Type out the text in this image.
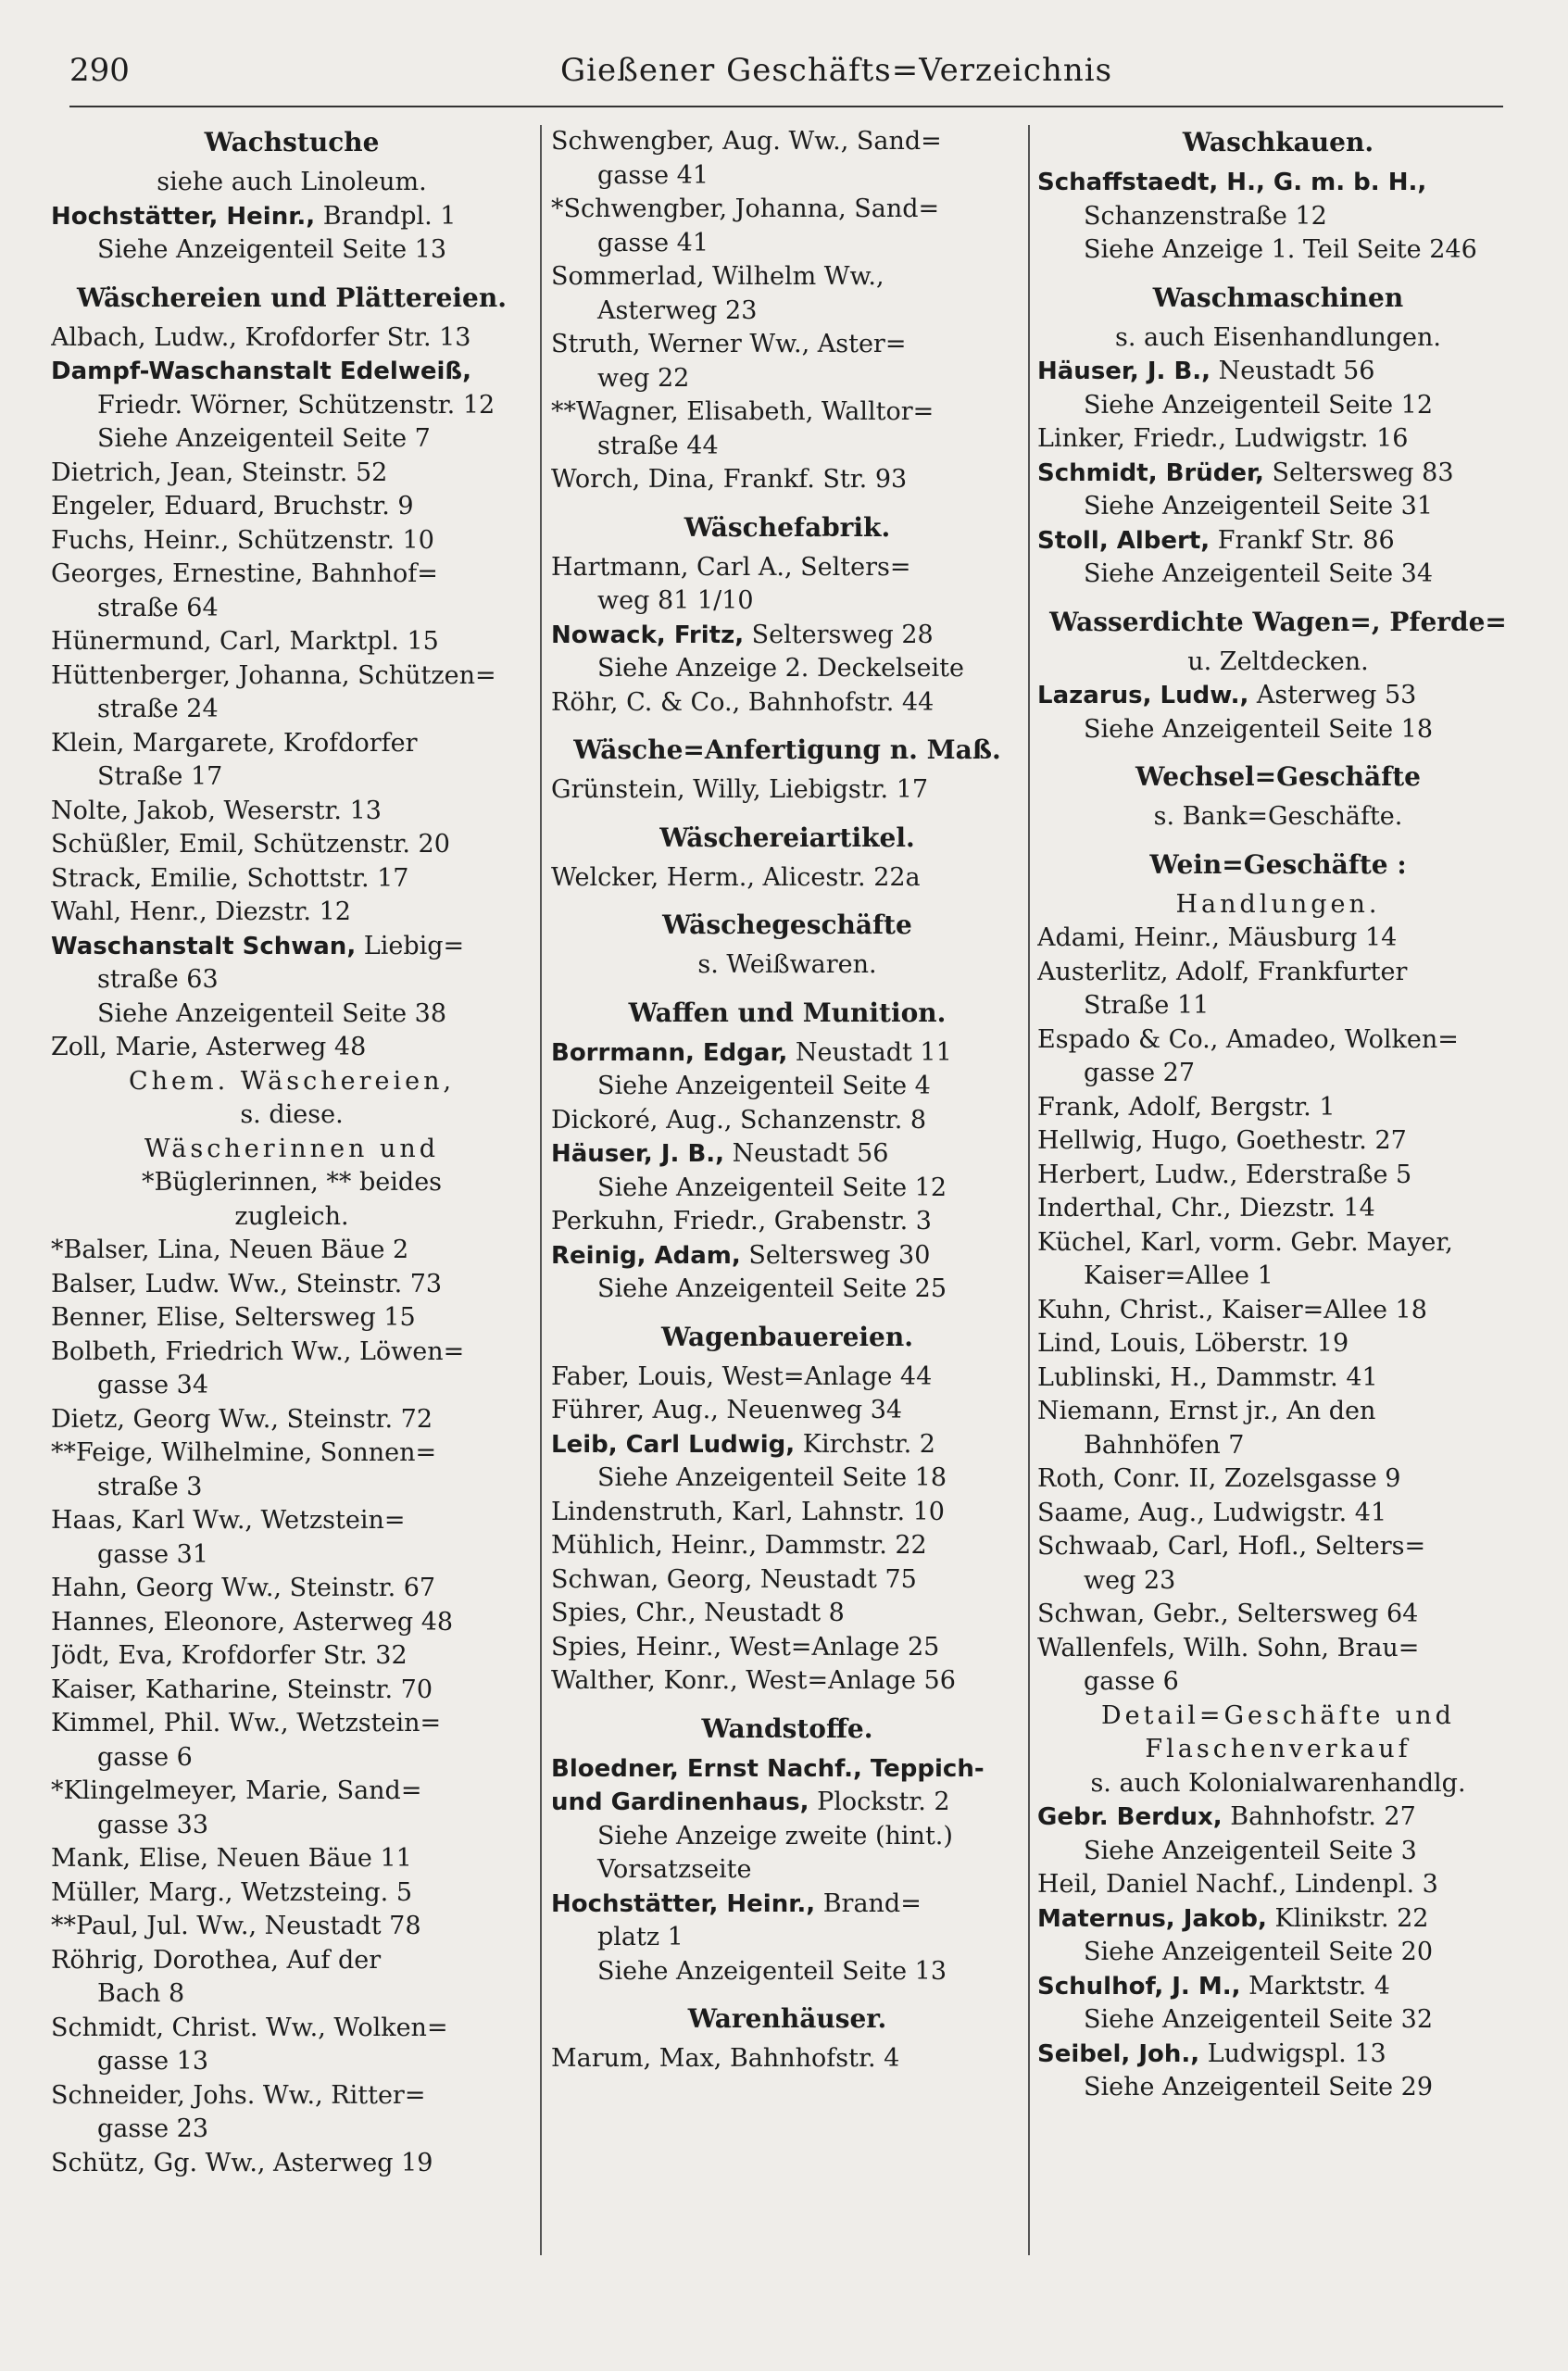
290	Gießener Geschäfts=Verzeichnis
Wachstuche
siehe auch Linoleum.
Hochstätter, Heinr., Brandpl. 1
Siehe Anzeigenteil Seite 13
Wäschereien und Plättereien.
Albach, Ludw., Krofdorfer Str. 13
Dampf-Waschanstalt Edelweiß,
Friedr. Wörner, Schützenstr. 12
Siehe Anzeigenteil Seite 7
Dietrich, Jean, Steinstr. 52
Engeler, Eduard, Bruchstr. 9
Fuchs, Heinr., Schützenstr. 10
Georges, Ernestine, Bahnhof=
straße 64
Hünermund, Carl, Marktpl. 15
Hüttenberger, Johanna, Schützen=
straße 24
Klein, Margarete, Krofdorfer
Straße 17
Nolte, Jakob, Weserstr. 13
Schüßler, Emil, Schützenstr. 20
Strack, Emilie, Schottstr. 17
Wahl, Henr., Diezstr. 12
Waschanstalt Schwan, Liebig=
straße 63
Siehe Anzeigenteil Seite 38
Zoll, Marie, Asterweg 48
Chem. Wäschereien,
s. diese.
Wäscherinnen und
*Büglerinnen, ** beides
zugleich.
*Balser, Lina, Neuen Bäue 2
Balser, Ludw. Ww., Steinstr. 73
Benner, Elise, Seltersweg 15
Bolbeth, Friedrich Ww., Löwen=
gasse 34
Dietz, Georg Ww., Steinstr. 72
**Feige, Wilhelmine, Sonnen=
straße 3
Haas, Karl Ww., Wetzstein=
gasse 31
Hahn, Georg Ww., Steinstr. 67
Hannes, Eleonore, Asterweg 48
Jödt, Eva, Krofdorfer Str. 32
Kaiser, Katharine, Steinstr. 70
Kimmel, Phil. Ww., Wetzstein=
gasse 6
*Klingelmeyer, Marie, Sand=
gasse 33
Mank, Elise, Neuen Bäue 11
Müller, Marg., Wetzsteing. 5
**Paul, Jul. Ww., Neustadt 78
Röhrig, Dorothea, Auf der
Bach 8
Schmidt, Christ. Ww., Wolken=
gasse 13
Schneider, Johs. Ww., Ritter=
gasse 23
Schütz, Gg. Ww., Asterweg 19
Schwengber, Aug. Ww., Sand=
gasse 41
*Schwengber, Johanna, Sand=
gasse 41
Sommerlad, Wilhelm Ww.,
Asterweg 23
Struth, Werner Ww., Aster=
weg 22
**Wagner, Elisabeth, Walltor=
straße 44
Worch, Dina, Frankf. Str. 93
Wäschefabrik.
Hartmann, Carl A., Selters=
weg 81 1/10
Nowack, Fritz, Seltersweg 28
Siehe Anzeige 2. Deckelseite
Röhr, C. & Co., Bahnhofstr. 44
Wäsche=Anfertigung n. Maß.
Grünstein, Willy, Liebigstr. 17
Wäschereiartikel.
Welcker, Herm., Alicestr. 22a
Wäschegeschäfte
s. Weißwaren.
Waffen und Munition.
Borrmann, Edgar, Neustadt 11
Siehe Anzeigenteil Seite 4
Dickoré, Aug., Schanzenstr. 8
Häuser, J. B., Neustadt 56
Siehe Anzeigenteil Seite 12
Perkuhn, Friedr., Grabenstr. 3
Reinig, Adam, Seltersweg 30
Siehe Anzeigenteil Seite 25
Wagenbauereien.
Faber, Louis, West=Anlage 44
Führer, Aug., Neuenweg 34
Leib, Carl Ludwig, Kirchstr. 2
Siehe Anzeigenteil Seite 18
Lindenstruth, Karl, Lahnstr. 10
Mühlich, Heinr., Dammstr. 22
Schwan, Georg, Neustadt 75
Spies, Chr., Neustadt 8
Spies, Heinr., West=Anlage 25
Walther, Konr., West=Anlage 56
Wandstoffe.
Bloedner, Ernst Nachf., Teppich-
und Gardinenhaus, Plockstr. 2
Siehe Anzeige zweite (hint.)
Vorsatzseite
Hochstätter, Heinr., Brand=
platz 1
Siehe Anzeigenteil Seite 13
Warenhäuser.
Marum, Max, Bahnhofstr. 4
Waschkauen.
Schaffstaedt, H., G. m. b. H.,
Schanzenstraße 12
Siehe Anzeige 1. Teil Seite 246
Waschmaschinen
s. auch Eisenhandlungen.
Häuser, J. B., Neustadt 56
Siehe Anzeigenteil Seite 12
Linker, Friedr., Ludwigstr. 16
Schmidt, Brüder, Seltersweg 83
Siehe Anzeigenteil Seite 31
Stoll, Albert, Frankf Str. 86
Siehe Anzeigenteil Seite 34
Wasserdichte Wagen=, Pferde=
u. Zeltdecken.
Lazarus, Ludw., Asterweg 53
Siehe Anzeigenteil Seite 18
Wechsel=Geschäfte
s. Bank=Geschäfte.
Wein=Geschäfte :
Handlungen.
Adami, Heinr., Mäusburg 14
Austerlitz, Adolf, Frankfurter
Straße 11
Espado & Co., Amadeo, Wolken=
gasse 27
Frank, Adolf, Bergstr. 1
Hellwig, Hugo, Goethestr. 27
Herbert, Ludw., Ederstraße 5
Inderthal, Chr., Diezstr. 14
Küchel, Karl, vorm. Gebr. Mayer,
Kaiser=Allee 1
Kuhn, Christ., Kaiser=Allee 18
Lind, Louis, Löberstr. 19
Lublinski, H., Dammstr. 41
Niemann, Ernst jr., An den
Bahnhöfen 7
Roth, Conr. II, Zozelsgasse 9
Saame, Aug., Ludwigstr. 41
Schwaab, Carl, Hofl., Selters=
weg 23
Schwan, Gebr., Seltersweg 64
Wallenfels, Wilh. Sohn, Brau=
gasse 6
Detail=Geschäfte und
Flaschenverkauf
s. auch Kolonialwarenhandlg.
Gebr. Berdux, Bahnhofstr. 27
Siehe Anzeigenteil Seite 3
Heil, Daniel Nachf., Lindenpl. 3
Maternus, Jakob, Klinikstr. 22
Siehe Anzeigenteil Seite 20
Schulhof, J. M., Marktstr. 4
Siehe Anzeigenteil Seite 32
Seibel, Joh., Ludwigspl. 13
Siehe Anzeigenteil Seite 29
